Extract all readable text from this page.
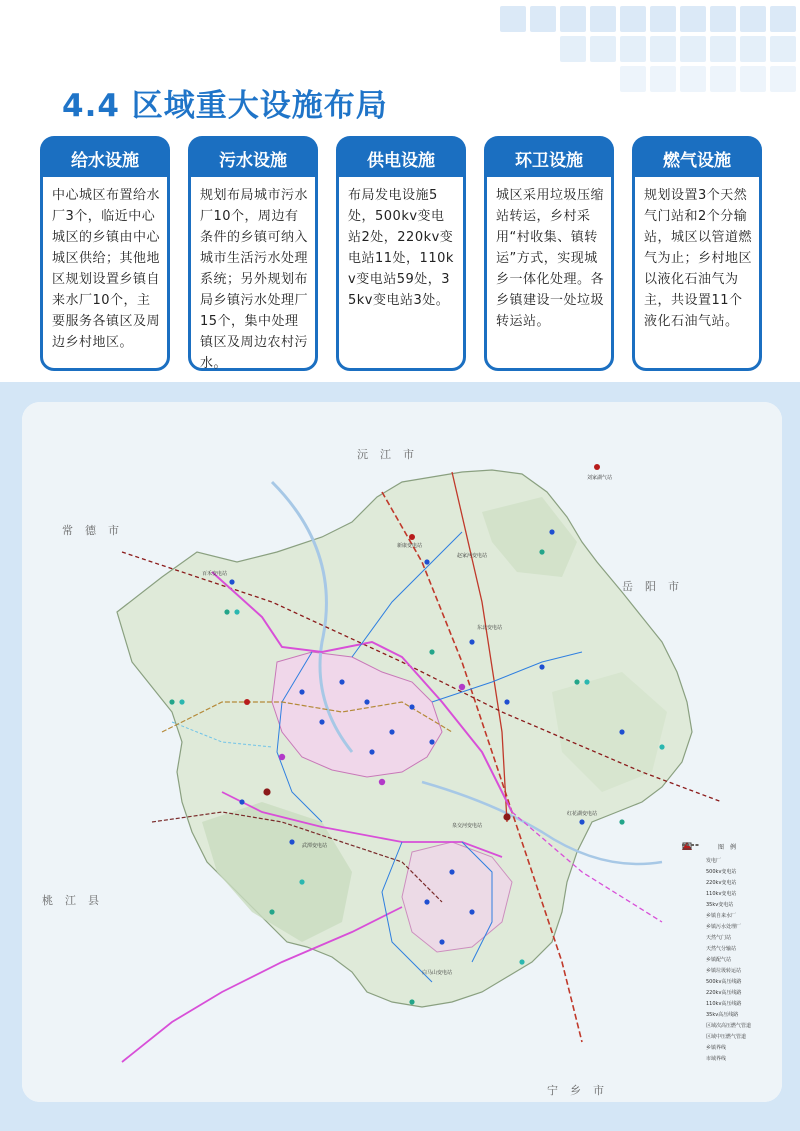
4.4 区域重大设施布局
给水设施
中心城区布置给水厂3个，临近中心城区的乡镇由中心城区供给；其他地区规划设置乡镇自来水厂10个，主要服务各镇区及周边乡村地区。
污水设施
规划布局城市污水厂10个，周边有条件的乡镇可纳入城市生活污水处理系统；另外规划布局乡镇污水处理厂15个，集中处理镇区及周边农村污水。
供电设施
布局发电设施5处，500kv变电站2处，220kv变电站11处，110kv变电站59处，35kv变电站3处。
环卫设施
城区采用垃圾压缩站转运，乡村采用“村收集、镇转运”方式，实现城乡一体化处理。各乡镇建设一处垃圾转运站。
燃气设施
规划设置3个天然气门站和2个分输站，城区以管道燃气为止；乡村地区以液化石油气为主，共设置11个液化石油气站。
沅江市
常德市
岳阳市
桃江县
宁乡市
刘家湖气站
新康变电站
赵家河变电站
东北变电站
百禾变电站
白马山变电站
红花湖变电站
武潭变电站
泉交河变电站
图例
发电厂
500kv变电站
220kv变电站
110kv变电站
35kv变电站
乡镇自来水厂
乡镇污水处理厂
天然气门站
天然气分输站
乡镇配气站
乡镇垃圾转运站
500kv高压线路
220kv高压线路
110kv高压线路
35kv高压线路
区域次高压燃气管道
区域中压燃气管道
乡镇界线
市域界线
